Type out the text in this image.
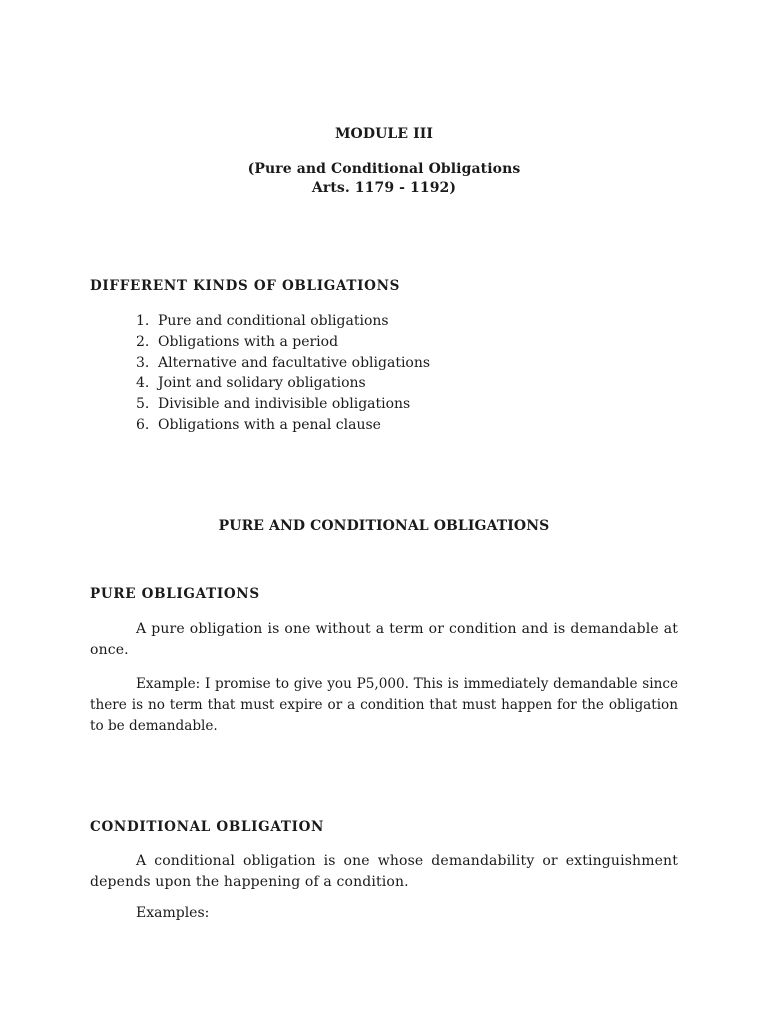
MODULE III
(Pure and Conditional Obligations
Arts. 1179 - 1192)
DIFFERENT KINDS OF OBLIGATIONS
1. Pure and conditional obligations
2. Obligations with a period
3. Alternative and facultative obligations
4. Joint and solidary obligations
5. Divisible and indivisible obligations
6. Obligations with a penal clause
PURE AND CONDITIONAL OBLIGATIONS
PURE OBLIGATIONS

A pure obligation is one without a term or condition and is demandable at once.

Example: I promise to give you P5,000. This is immediately demandable since there is no term that must expire or a condition that must happen for the obligation to be demandable.

CONDITIONAL OBLIGATION

A conditional obligation is one whose demandability or extinguishment depends upon the happening of a condition.

Examples:
